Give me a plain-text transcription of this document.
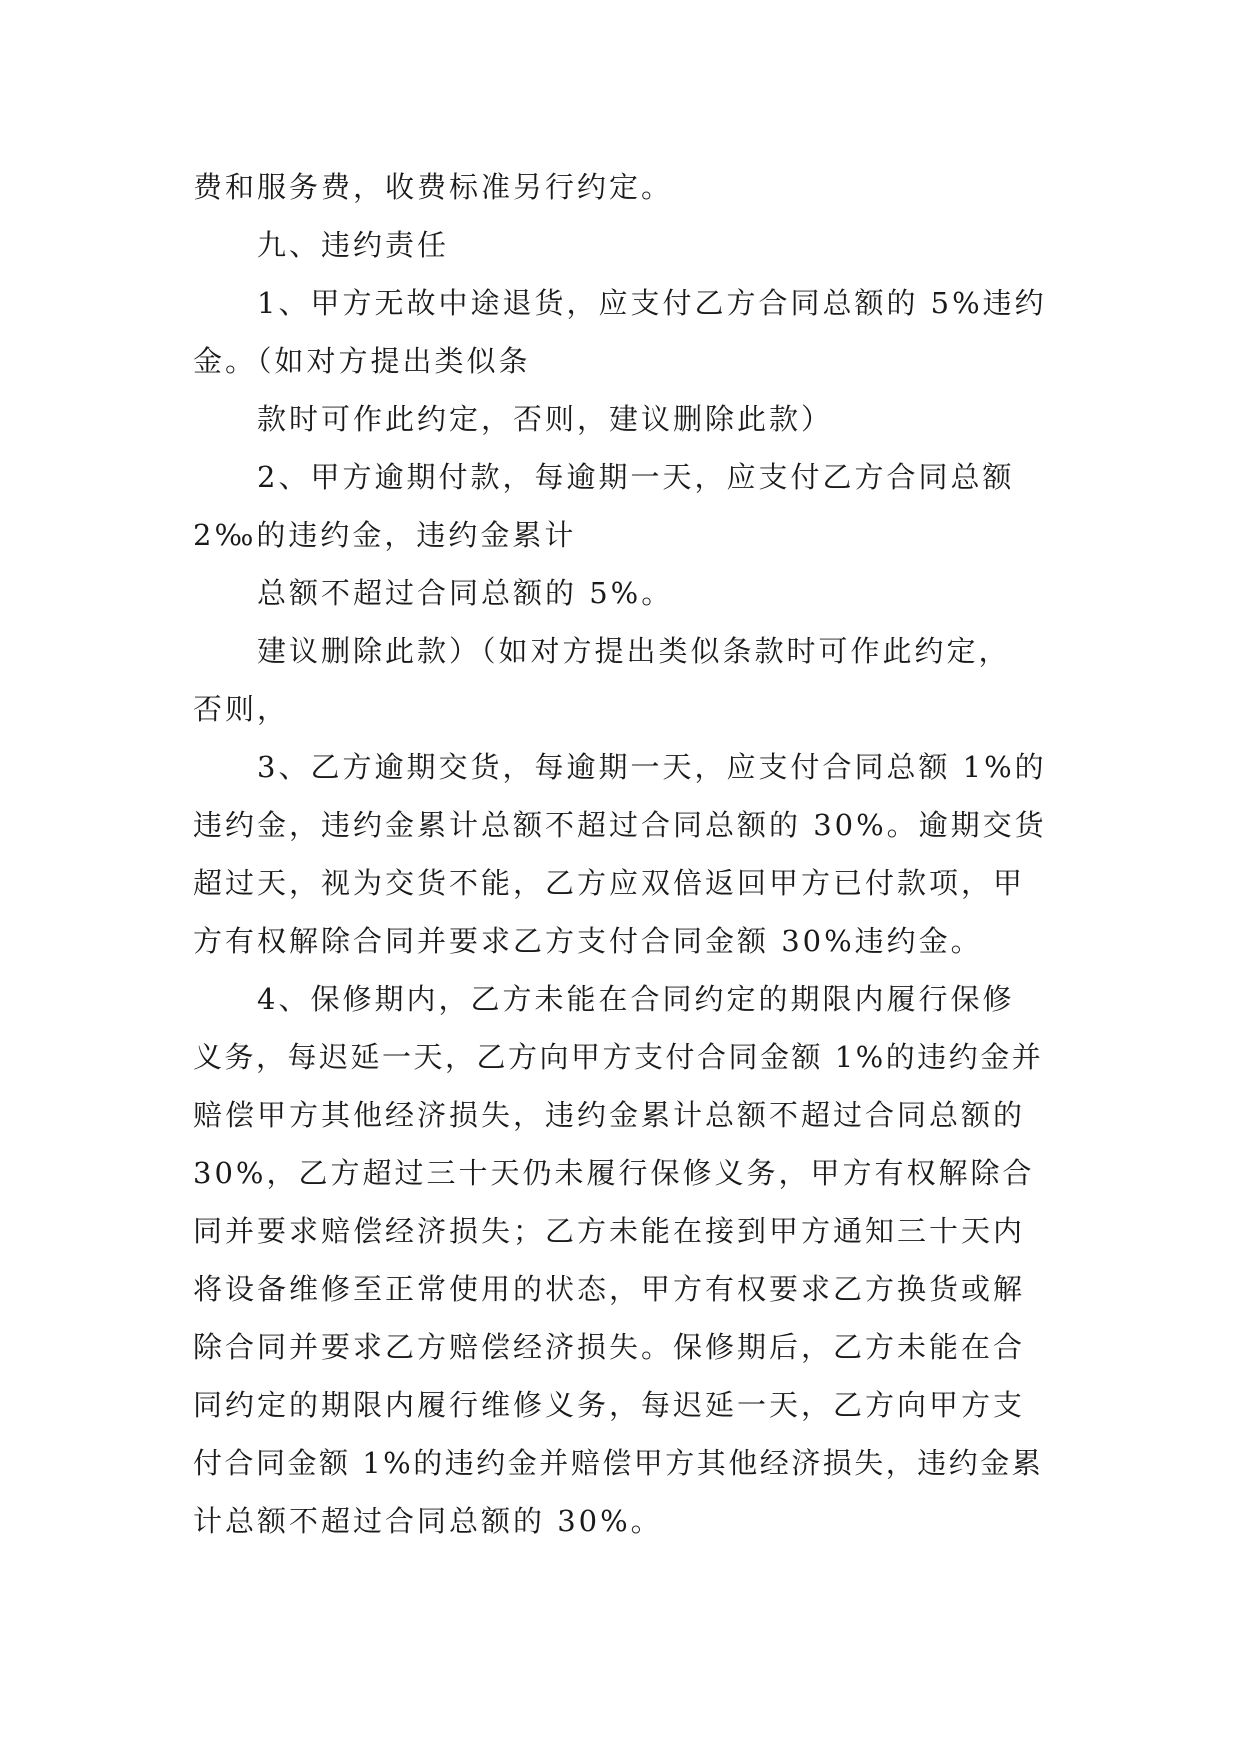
费和服务费，收费标准另行约定。
九、违约责任
1、甲方无故中途退货，应支付乙方合同总额的 5%违约
金。（如对方提出类似条
款时可作此约定，否则，建议删除此款）
2、甲方逾期付款，每逾期一天，应支付乙方合同总额
2‰的违约金，违约金累计
总额不超过合同总额的 5%。
建议删除此款）（如对方提出类似条款时可作此约定，
否则，
3、乙方逾期交货，每逾期一天，应支付合同总额 1%的
违约金，违约金累计总额不超过合同总额的 30%。逾期交货
超过天，视为交货不能，乙方应双倍返回甲方已付款项，甲
方有权解除合同并要求乙方支付合同金额 30%违约金。
4、保修期内，乙方未能在合同约定的期限内履行保修
义务，每迟延一天，乙方向甲方支付合同金额 1%的违约金并
赔偿甲方其他经济损失，违约金累计总额不超过合同总额的
30%，乙方超过三十天仍未履行保修义务，甲方有权解除合
同并要求赔偿经济损失；乙方未能在接到甲方通知三十天内
将设备维修至正常使用的状态，甲方有权要求乙方换货或解
除合同并要求乙方赔偿经济损失。保修期后，乙方未能在合
同约定的期限内履行维修义务，每迟延一天，乙方向甲方支
付合同金额 1%的违约金并赔偿甲方其他经济损失，违约金累
计总额不超过合同总额的 30%。
